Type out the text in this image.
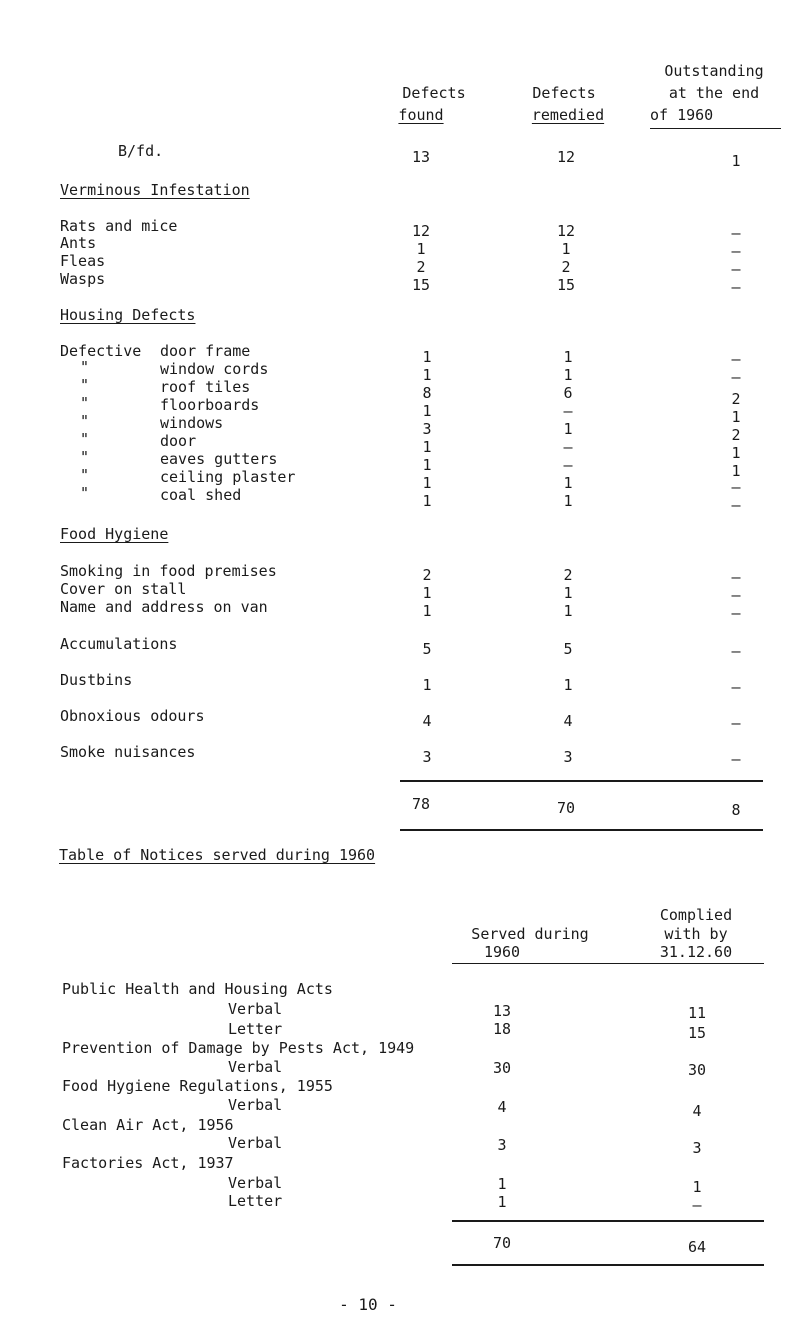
Defects
found
Defects
remedied
Outstanding
at the end
of 1960
B/fd.	13	12	1
Verminous Infestation
Rats and mice	12	12	–
Ants	1	1	–
Fleas	2	2	–
Wasps	15	15	–
Housing Defects
Defective door frame	1	1	–
"	window cords	1	1	–
"	roof tiles	8	6	2
"	floorboards	1	–	1
"	windows	3	1	2
"	door	1	–	1
"	eaves gutters	1	–	1
"	ceiling plaster	1	1	–
"	coal shed	1	1	–
Food Hygiene
Smoking in food premises	2	2	–
Cover on stall	1	1	–
Name and address on van	1	1	–
Accumulations	5	5	–
Dustbins	1	1	–
Obnoxious odours	4	4	–
Smoke nuisances	3	3	–
78	70	8
Table of Notices served during 1960
Served during
1960
Complied
with by
31.12.60
Public Health and Housing Acts
Verbal	13	11
Letter	18	15
Prevention of Damage by Pests Act, 1949
Verbal	30	30
Food Hygiene Regulations, 1955
Verbal	4	4
Clean Air Act, 1956
Verbal	3	3
Factories Act, 1937
Verbal	1	1
Letter	1	–
70	64
- 10 -
